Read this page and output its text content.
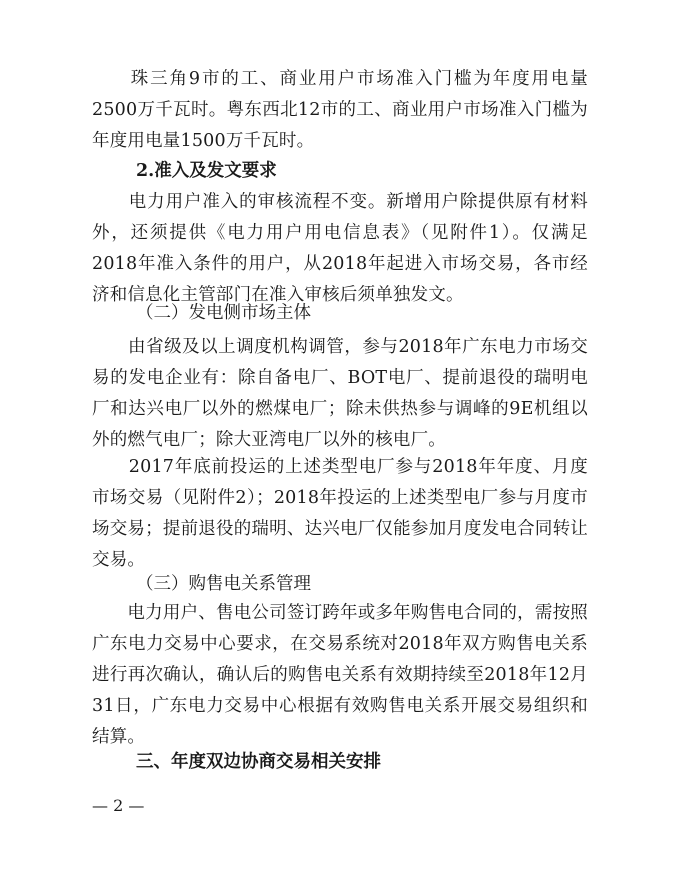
　　珠三角9市的工、商业用户市场准入门槛为年度用电量2500万千瓦时。粤东西北12市的工、商业用户市场准入门槛为年度用电量1500万千瓦时。

2.准入及发文要求

　　电力用户准入的审核流程不变。新增用户除提供原有材料外，还须提供《电力用户用电信息表》（见附件1）。仅满足2018年准入条件的用户，从2018年起进入市场交易，各市经济和信息化主管部门在准入审核后须单独发文。

（二）发电侧市场主体

　　由省级及以上调度机构调管，参与2018年广东电力市场交易的发电企业有：除自备电厂、BOT电厂、提前退役的瑞明电厂和达兴电厂以外的燃煤电厂；除未供热参与调峰的9E机组以外的燃气电厂；除大亚湾电厂以外的核电厂。

　　2017年底前投运的上述类型电厂参与2018年年度、月度市场交易（见附件2）；2018年投运的上述类型电厂参与月度市场交易；提前退役的瑞明、达兴电厂仅能参加月度发电合同转让交易。

（三）购售电关系管理

　　电力用户、售电公司签订跨年或多年购售电合同的，需按照广东电力交易中心要求，在交易系统对2018年双方购售电关系进行再次确认，确认后的购售电关系有效期持续至2018年12月31日，广东电力交易中心根据有效购售电关系开展交易组织和结算。

三、年度双边协商交易相关安排

— 2 —
